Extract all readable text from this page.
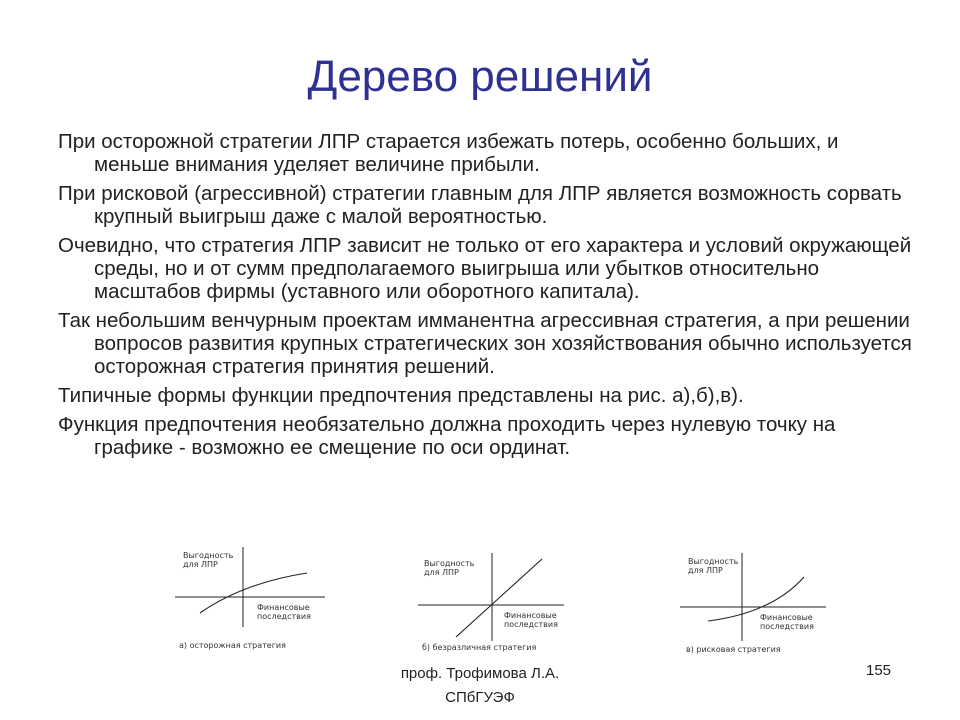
Дерево решений

При осторожной стратегии ЛПР старается избежать потерь, особенно больших, и меньше внимания уделяет величине прибыли.

При рисковой (агрессивной) стратегии главным для ЛПР является возможность сорвать крупный выигрыш даже с малой вероятностью.

Очевидно, что стратегия ЛПР зависит не только от его характера и условий окружающей среды, но и от сумм предполагаемого выигрыша или убытков относительно масштабов фирмы (уставного или оборотного капитала).

Так небольшим венчурным проектам имманентна агрессивная стратегия, а при решении вопросов развития крупных стратегических зон хозяйствования обычно используется осторожная стратегия принятия решений.

Типичные формы функции предпочтения представлены на рис. а),б),в).

Функция предпочтения необязательно должна проходить через нулевую точку на графике - возможно ее смещение по оси ординат.

Выгодность
для ЛПР
Финансовые
последствия
а) осторожная стратегия
Выгодность
для ЛПР
Финансовые
последствия
б) безразличная стратегия
Выгодность
для ЛПР
Финансовые
последствия
в) рисковая стратегия
проф. Трофимова Л.А.
СПбГУЭФ
155
